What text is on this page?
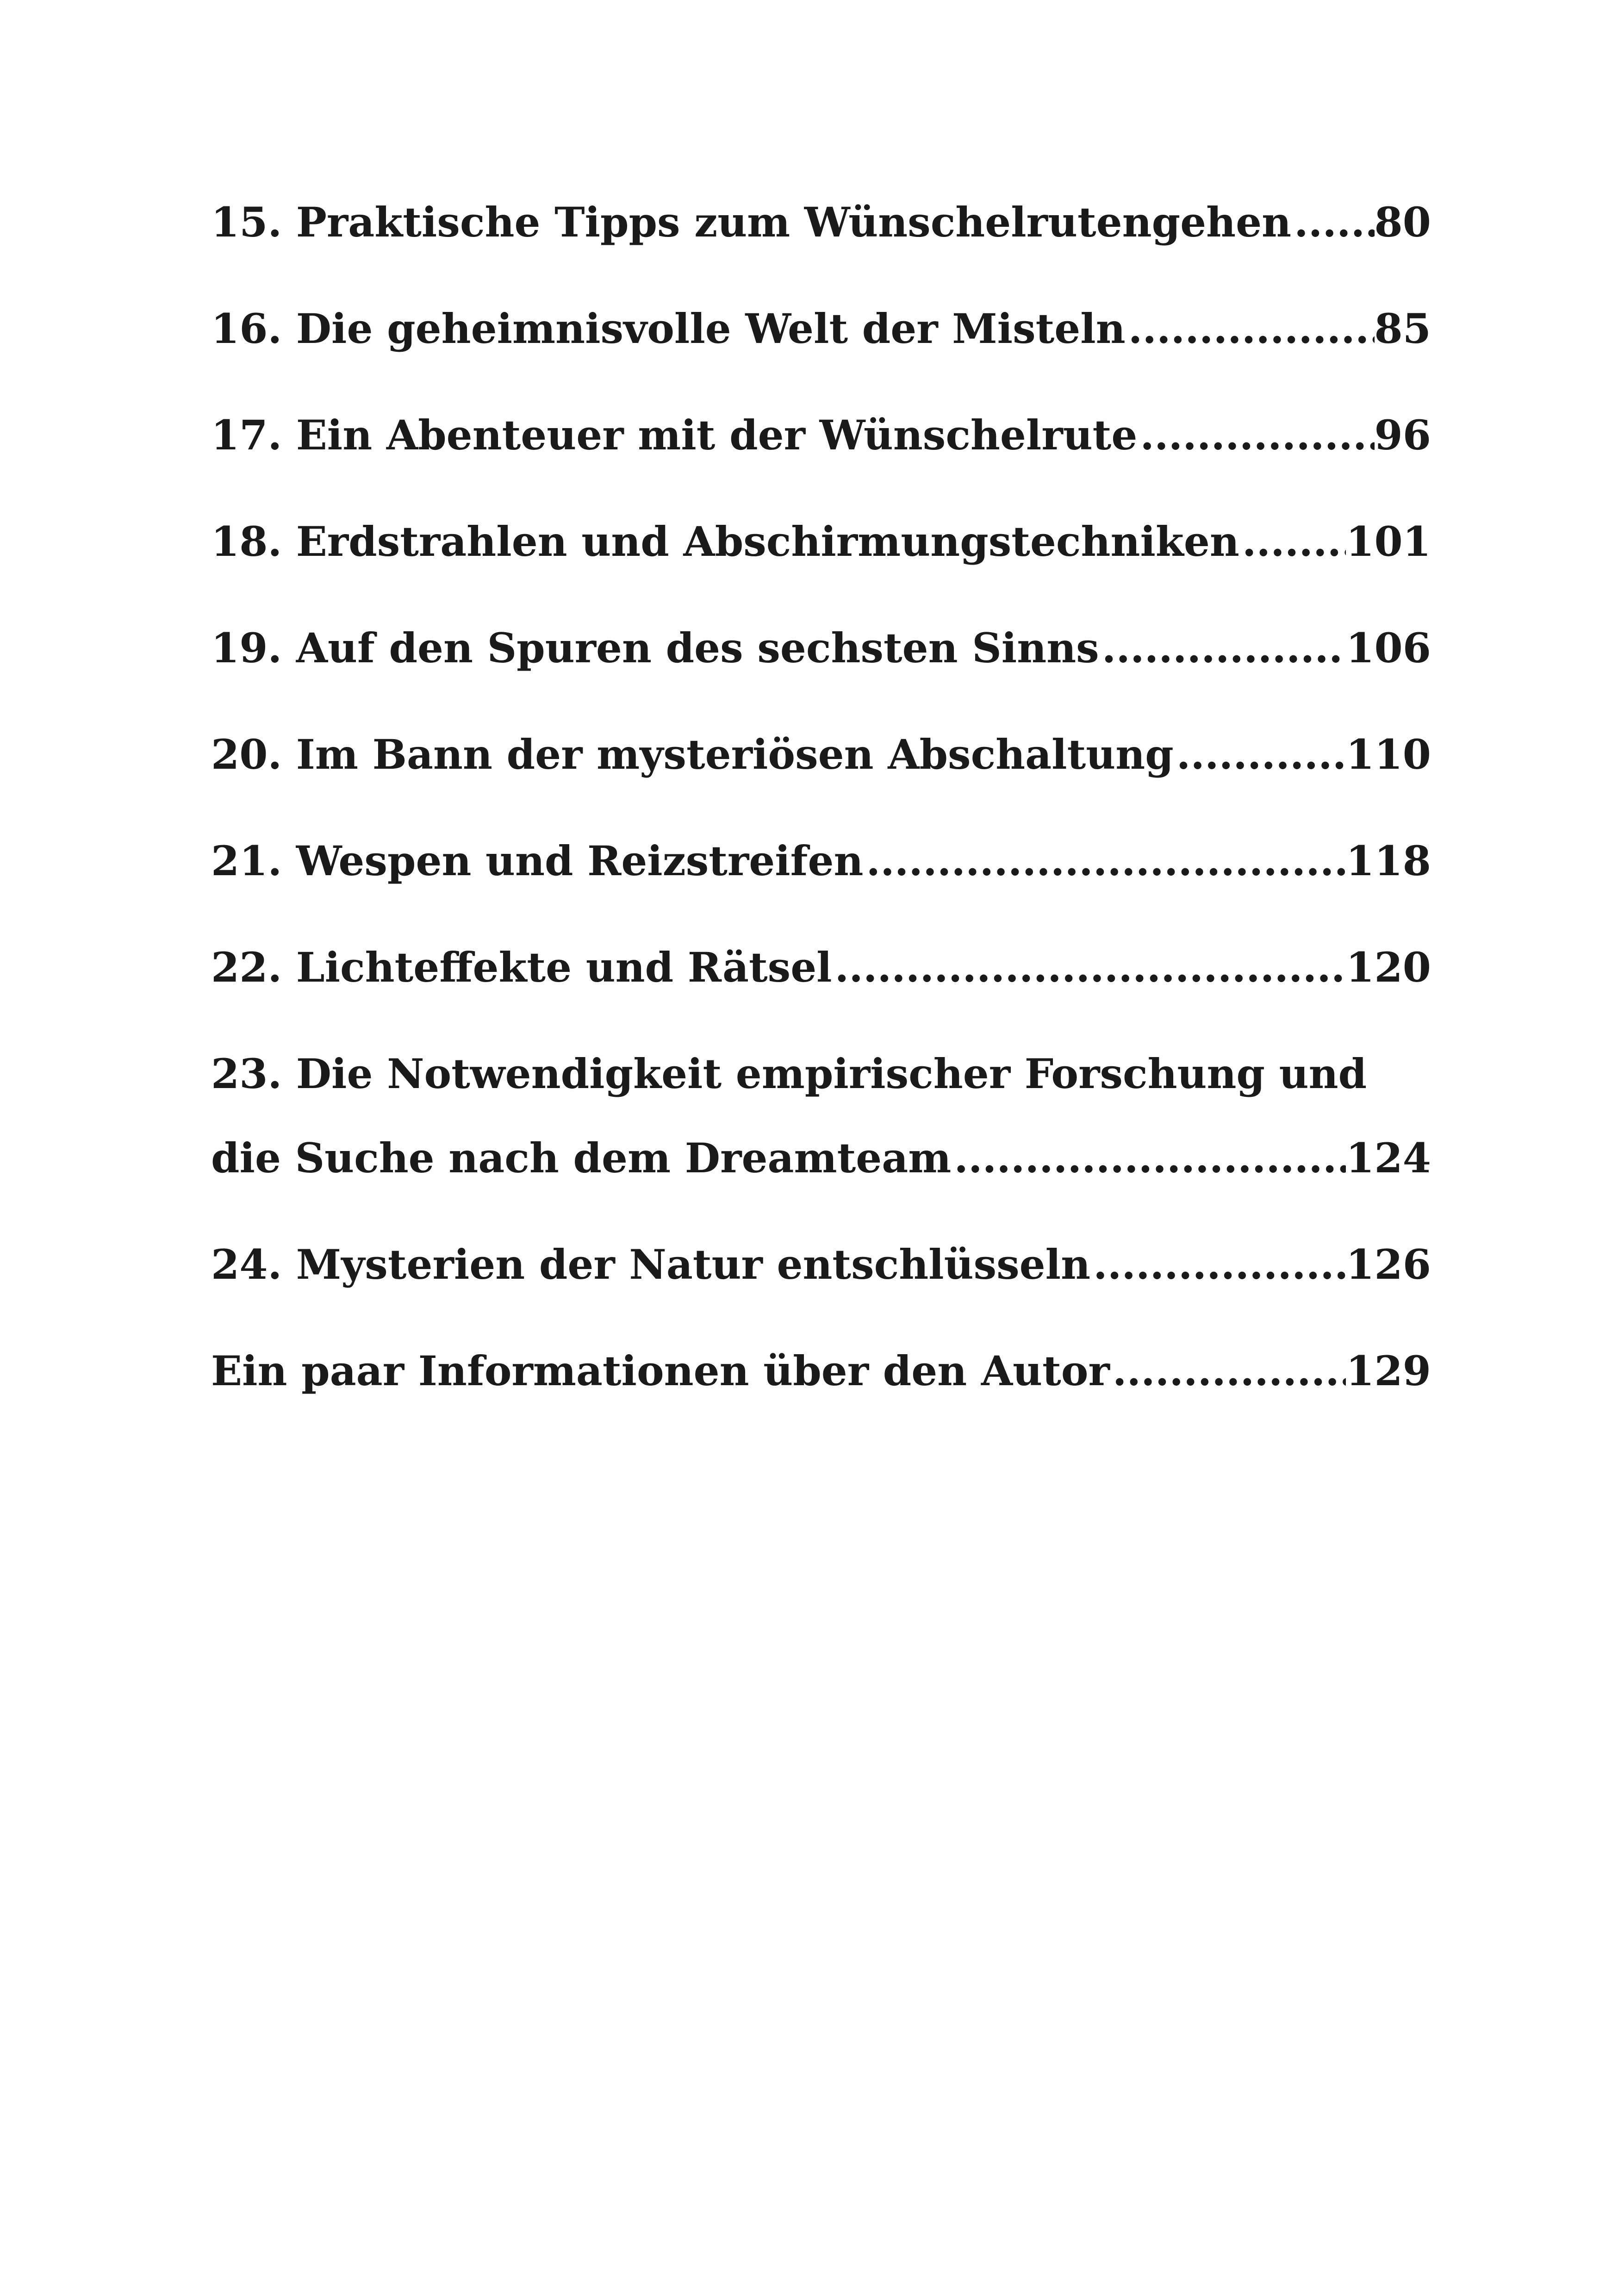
15. Praktische Tipps zum Wünschelrutengehen ..... 80
16. Die geheimnisvolle Welt der Misteln .....	85
17. Ein Abenteuer mit der Wünschelrute .....	96
18. Erdstrahlen und Abschirmungstechniken .....	101
19. Auf den Spuren des sechsten Sinns .....	106
20. Im Bann der mysteriösen Abschaltung .....	110
21. Wespen und Reizstreifen .....	118
22. Lichteffekte und Rätsel .....	120
23. Die Notwendigkeit empirischer Forschung und
die Suche nach dem Dreamteam .....	124
24. Mysterien der Natur entschlüsseln .....	126
Ein paar Informationen über den Autor .....	129
